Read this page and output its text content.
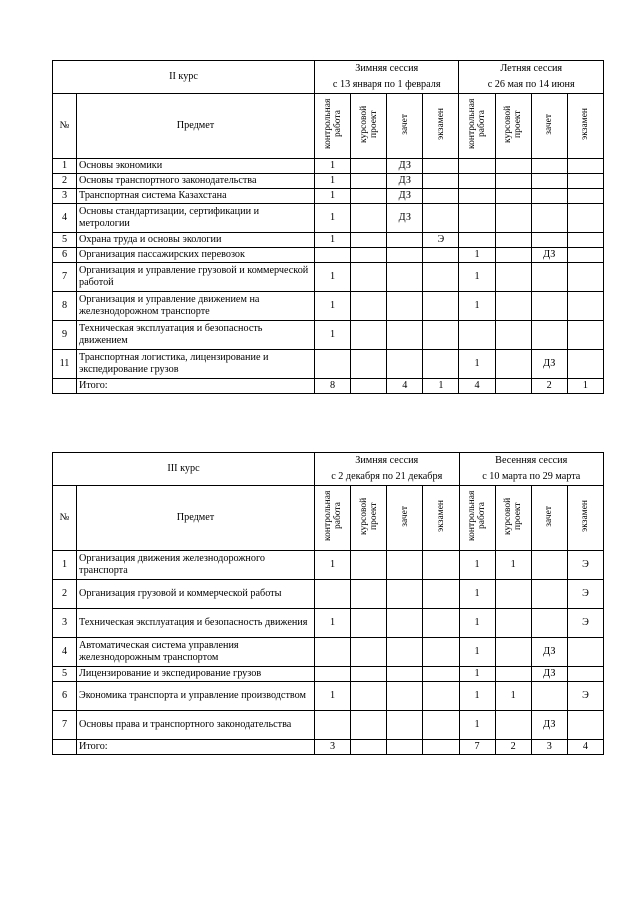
II курс		Зимняя сессия				Летняя сессия			
		с 13 января по 1 февраля				с 26 мая по 14 июня			
№	Предмет	контрольная работа	курсовой проект	зачет	экзамен	контрольная работа	курсовой проект	зачет	экзамен
1	Основы экономики	1		ДЗ					
2	Основы транспортного законодательства	1		ДЗ					
3	Транспортная система Казахстана	1		ДЗ					
4	Основы стандартизации, сертификации и метрологии	1		ДЗ					
5	Охрана труда и основы экологии	1			Э				
6	Организация пассажирских перевозок					1		ДЗ	
7	Организация и управление грузовой и коммерческой работой	1				1			
8	Организация и управление движением на железнодорожном транспорте	1				1			
9	Техническая эксплуатация и безопасность движением	1							
11	Транспортная логистика, лицензирование и экспедирование грузов					1		ДЗ	
	Итого:	8		4	1	4		2	1
III курс		Зимняя сессия				Весенняя сессия			
		с 2 декабря по 21 декабря				с 10 марта по 29 марта			
№	Предмет	контрольная работа	курсовой проект	зачет	экзамен	контрольная работа	курсовой проект	зачет	экзамен
1	Организация движения железнодорожного транспорта	1				1	1		Э
2	Организация грузовой и коммерческой работы					1			Э
3	Техническая эксплуатация и безопасность движения	1				1			Э
4	Автоматическая система управления железнодорожным транспортом					1		ДЗ	
5	Лицензирование и экспедирование грузов					1		ДЗ	
6	Экономика транспорта и управление производством	1				1	1		Э
7	Основы права и транспортного законодательства					1		ДЗ	
	Итого:	3				7	2	3	4
